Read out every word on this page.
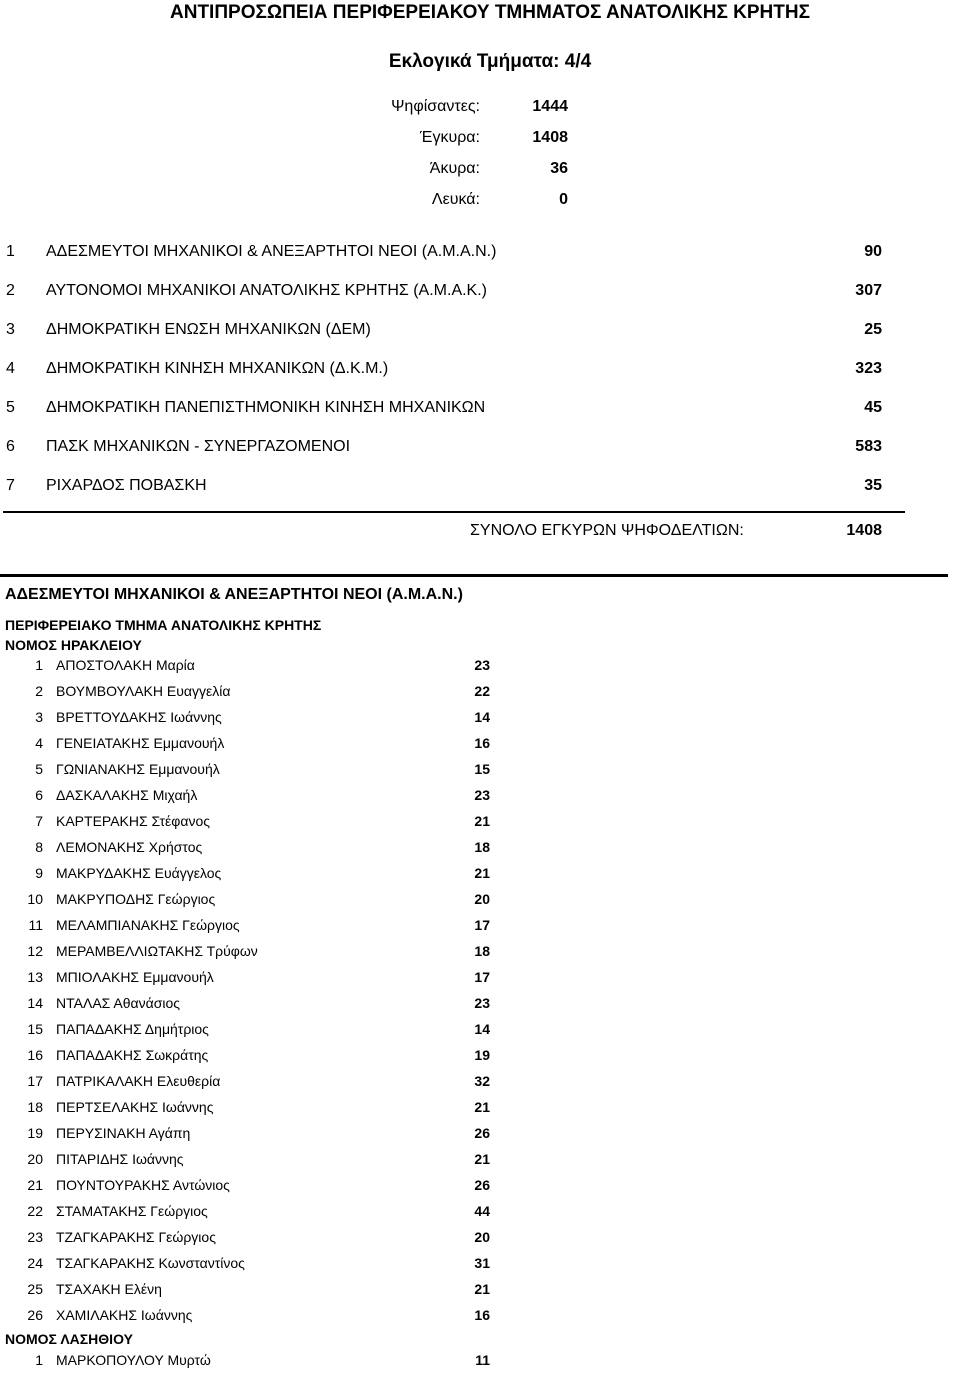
ΑΝΤΙΠΡΟΣΩΠΕΙΑ ΠΕΡΙΦΕΡΕΙΑΚΟΥ ΤΜΗΜΑΤΟΣ ΑΝΑΤΟΛΙΚΗΣ ΚΡΗΤΗΣ
Εκλογικά Τμήματα: 4/4
Ψηφίσαντες:	1444
Έγκυρα:	1408
Άκυρα:	36
Λευκά:	0
1 ΑΔΕΣΜΕΥΤΟΙ ΜΗΧΑΝΙΚΟΙ & ΑΝΕΞΑΡΤΗΤΟΙ ΝΕΟΙ (Α.Μ.Α.Ν.)	90
2 ΑΥΤΟΝΟΜΟΙ ΜΗΧΑΝΙΚΟΙ ΑΝΑΤΟΛΙΚΗΣ ΚΡΗΤΗΣ (Α.Μ.Α.Κ.)	307
3 ΔΗΜΟΚΡΑΤΙΚΗ ΕΝΩΣΗ ΜΗΧΑΝΙΚΩΝ (ΔΕΜ)	25
4 ΔΗΜΟΚΡΑΤΙΚΗ ΚΙΝΗΣΗ ΜΗΧΑΝΙΚΩΝ (Δ.Κ.Μ.)	323
5 ΔΗΜΟΚΡΑΤΙΚΗ ΠΑΝΕΠΙΣΤΗΜΟΝΙΚΗ ΚΙΝΗΣΗ ΜΗΧΑΝΙΚΩΝ	45
6 ΠΑΣΚ ΜΗΧΑΝΙΚΩΝ - ΣΥΝΕΡΓΑΖΟΜΕΝΟΙ	583
7 ΡΙΧΑΡΔΟΣ ΠΟΒΑΣΚΗ	35
ΣΥΝΟΛΟ ΕΓΚΥΡΩΝ ΨΗΦΟΔΕΛΤΙΩΝ:	1408
ΑΔΕΣΜΕΥΤΟΙ ΜΗΧΑΝΙΚΟΙ & ΑΝΕΞΑΡΤΗΤΟΙ ΝΕΟΙ (Α.Μ.Α.Ν.)
ΠΕΡΙΦΕΡΕΙΑΚΟ ΤΜΗΜΑ ΑΝΑΤΟΛΙΚΗΣ ΚΡΗΤΗΣ
ΝΟΜΟΣ ΗΡΑΚΛΕΙΟΥ
1 ΑΠΟΣΤΟΛΑΚΗ Μαρία	23
2 ΒΟΥΜΒΟΥΛΑΚΗ Ευαγγελία	22
3 ΒΡΕΤΤΟΥΔΑΚΗΣ Ιωάννης	14
4 ΓΕΝΕΙΑΤΑΚΗΣ Εμμανουήλ	16
5 ΓΩΝΙΑΝΑΚΗΣ Εμμανουήλ	15
6 ΔΑΣΚΑΛΑΚΗΣ Μιχαήλ	23
7 ΚΑΡΤΕΡΑΚΗΣ Στέφανος	21
8 ΛΕΜΟΝΑΚΗΣ Χρήστος	18
9 ΜΑΚΡΥΔΑΚΗΣ Ευάγγελος	21
10 ΜΑΚΡΥΠΟΔΗΣ Γεώργιος	20
11 ΜΕΛΑΜΠΙΑΝΑΚΗΣ Γεώργιος	17
12 ΜΕΡΑΜΒΕΛΛΙΩΤΑΚΗΣ Τρύφων	18
13 ΜΠΙΟΛΑΚΗΣ Εμμανουήλ	17
14 ΝΤΑΛΑΣ Αθανάσιος	23
15 ΠΑΠΑΔΑΚΗΣ Δημήτριος	14
16 ΠΑΠΑΔΑΚΗΣ Σωκράτης	19
17 ΠΑΤΡΙΚΑΛΑΚΗ Ελευθερία	32
18 ΠΕΡΤΣΕΛΑΚΗΣ Ιωάννης	21
19 ΠΕΡΥΣΙΝΑΚΗ Αγάπη	26
20 ΠΙΤΑΡΙΔΗΣ Ιωάννης	21
21 ΠΟΥΝΤΟΥΡΑΚΗΣ Αντώνιος	26
22 ΣΤΑΜΑΤΑΚΗΣ Γεώργιος	44
23 ΤΖΑΓΚΑΡΑΚΗΣ Γεώργιος	20
24 ΤΣΑΓΚΑΡΑΚΗΣ Κωνσταντίνος	31
25 ΤΣΑΧΑΚΗ Ελένη	21
26 ΧΑΜΙΛΑΚΗΣ Ιωάννης	16
ΝΟΜΟΣ ΛΑΣΗΘΙΟΥ
1 ΜΑΡΚΟΠΟΥΛΟΥ Μυρτώ	11
